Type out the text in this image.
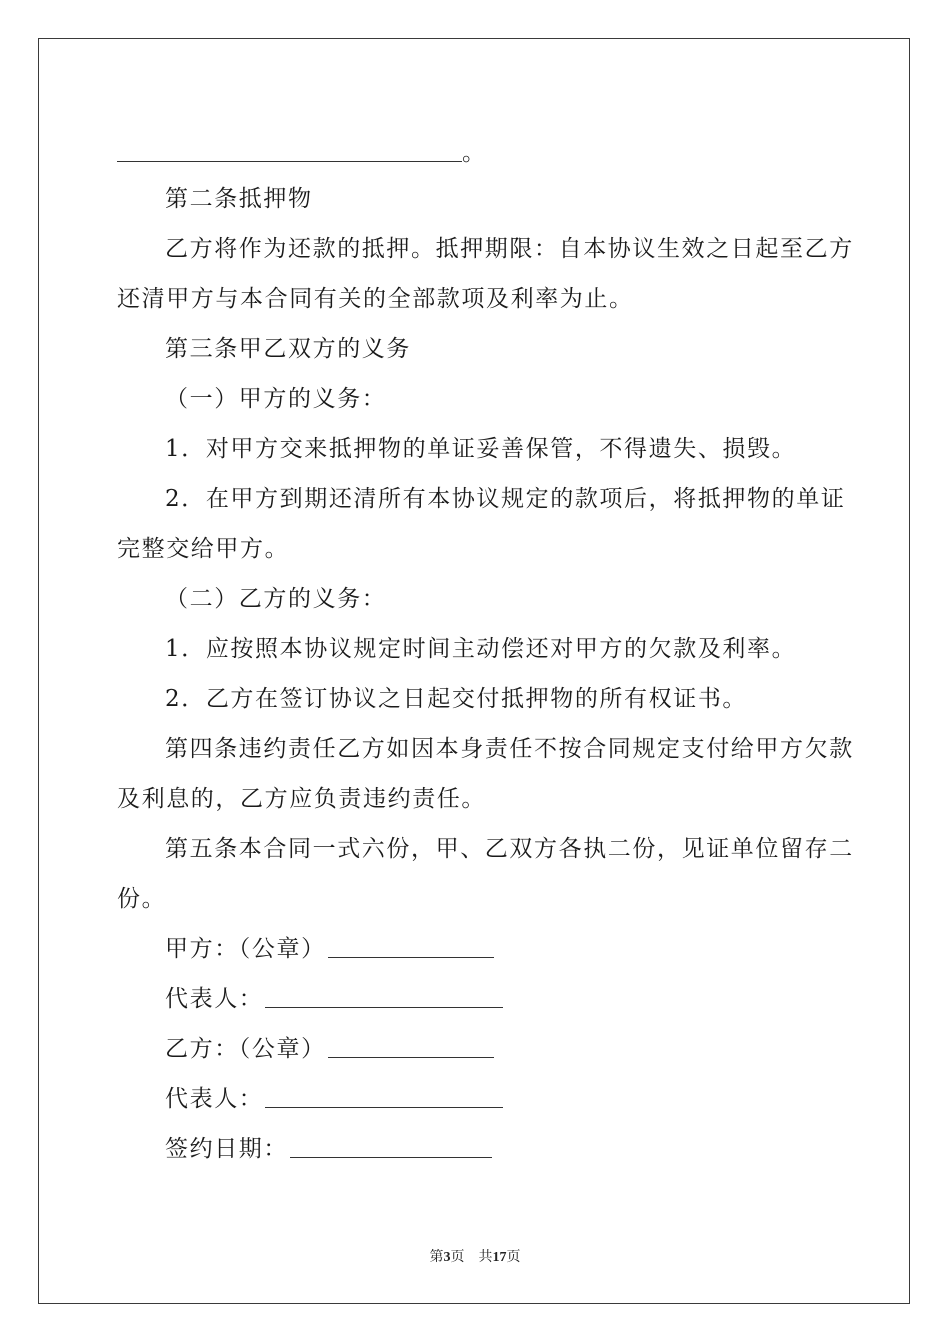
。
第二条抵押物
乙方将作为还款的抵押。抵押期限：自本协议生效之日起至乙方
还清甲方与本合同有关的全部款项及利率为止。
第三条甲乙双方的义务
（一）甲方的义务：
1．对甲方交来抵押物的单证妥善保管，不得遗失、损毁。
2．在甲方到期还清所有本协议规定的款项后，将抵押物的单证
完整交给甲方。
（二）乙方的义务：
1．应按照本协议规定时间主动偿还对甲方的欠款及利率。
2．乙方在签订协议之日起交付抵押物的所有权证书。
第四条违约责任乙方如因本身责任不按合同规定支付给甲方欠款
及利息的，乙方应负责违约责任。
第五条本合同一式六份，甲、乙双方各执二份，见证单位留存二
份。
甲方：（公章）
代表人：
乙方：（公章）
代表人：
签约日期：
第3页　共17页
